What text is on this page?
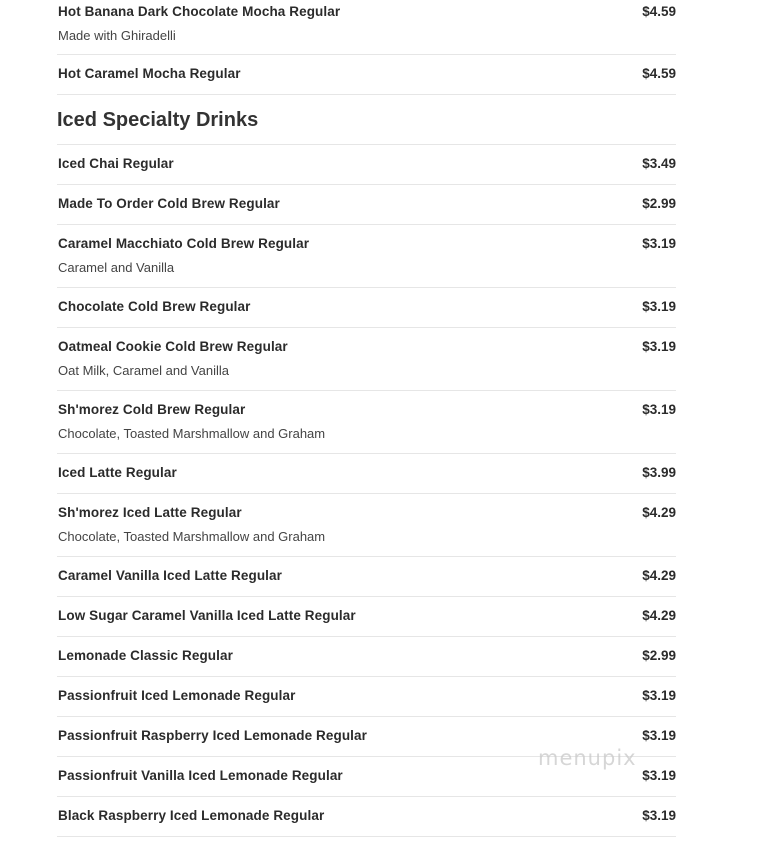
Hot Banana Dark Chocolate Mocha Regular	$4.59
Made with Ghiradelli
Hot Caramel Mocha Regular	$4.59
Iced Specialty Drinks
Iced Chai Regular	$3.49
Made To Order Cold Brew Regular	$2.99
Caramel Macchiato Cold Brew Regular	$3.19
Caramel and Vanilla
Chocolate Cold Brew Regular	$3.19
Oatmeal Cookie Cold Brew Regular	$3.19
Oat Milk, Caramel and Vanilla
Sh'morez Cold Brew Regular	$3.19
Chocolate, Toasted Marshmallow and Graham
Iced Latte Regular	$3.99
Sh'morez Iced Latte Regular	$4.29
Chocolate, Toasted Marshmallow and Graham
Caramel Vanilla Iced Latte Regular	$4.29
Low Sugar Caramel Vanilla Iced Latte Regular	$4.29
Lemonade Classic Regular	$2.99
Passionfruit Iced Lemonade Regular	$3.19
Passionfruit Raspberry Iced Lemonade Regular	$3.19
Passionfruit Vanilla Iced Lemonade Regular	$3.19
Black Raspberry Iced Lemonade Regular	$3.19
menupix
